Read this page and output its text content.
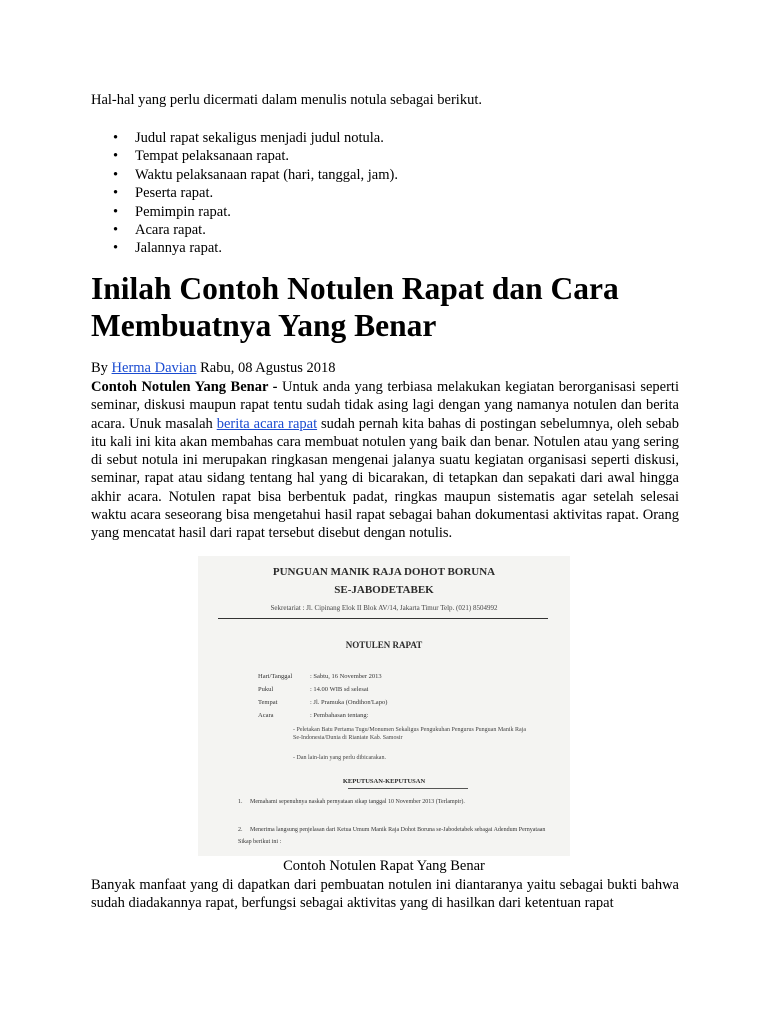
Hal-hal yang perlu dicermati dalam menulis notula sebagai berikut.

• Judul rapat sekaligus menjadi judul notula.
• Tempat pelaksanaan rapat.
• Waktu pelaksanaan rapat (hari, tanggal, jam).
• Peserta rapat.
• Pemimpin rapat.
• Acara rapat.
• Jalannya rapat.
Inilah Contoh Notulen Rapat dan Cara Membuatnya Yang Benar

By Herma Davian Rabu, 08 Agustus 2018

Contoh Notulen Yang Benar - Untuk anda yang terbiasa melakukan kegiatan berorganisasi seperti seminar, diskusi maupun rapat tentu sudah tidak asing lagi dengan yang namanya notulen dan berita acara. Unuk masalah berita acara rapat sudah pernah kita bahas di postingan sebelumnya, oleh sebab itu kali ini kita akan membahas cara membuat notulen yang baik dan benar. Notulen atau yang sering di sebut notula ini merupakan ringkasan mengenai jalanya suatu kegiatan organisasi seperti diskusi, seminar, rapat atau sidang tentang hal yang di bicarakan, di tetapkan dan sepakati dari awal hingga akhir acara. Notulen rapat bisa berbentuk padat, ringkas maupun sistematis agar setelah selesai waktu acara seseorang bisa mengetahui hasil rapat sebagai bahan dokumentasi aktivitas rapat. Orang yang mencatat hasil dari rapat tersebut disebut dengan notulis.

PUNGUAN MANIK RAJA DOHOT BORUNA
SE-JABODETABEK
Sekretariat : Jl. Cipinang Elok II Blok AV/14, Jakarta Timur Telp. (021) 8504992
NOTULEN RAPAT
Hari/Tanggal	: Sabtu, 16 November 2013
Pukul	: 14.00 WIB sd selesai
Tempat	: Jl. Pramuka (Ondihon'Lapo)
Acara	: Pembahasan tentang:
- Peletakan Batu Pertama Tugu/Monumen Sekaligus Pengukuhan Pengurus Punguan Manik Raja Se-Indonesia/Dunia di Rianiate Kab. Samosir
- Dan lain-lain yang perlu dibicarakan.
KEPUTUSAN-KEPUTUSAN
1. Memahami sepenuhnya naskah pernyataan sikap tanggal 10 November 2013 (Terlampir).
2. Menerima langsung penjelasan dari Ketua Umum Manik Raja Dohot Boruna se-Jabodetabek sebagai Adendum Pernyataan Sikap berikut ini :

Contoh Notulen Rapat Yang Benar

Banyak manfaat yang di dapatkan dari pembuatan notulen ini diantaranya yaitu sebagai bukti bahwa sudah diadakannya rapat, berfungsi sebagai aktivitas yang di hasilkan dari ketentuan rapat
